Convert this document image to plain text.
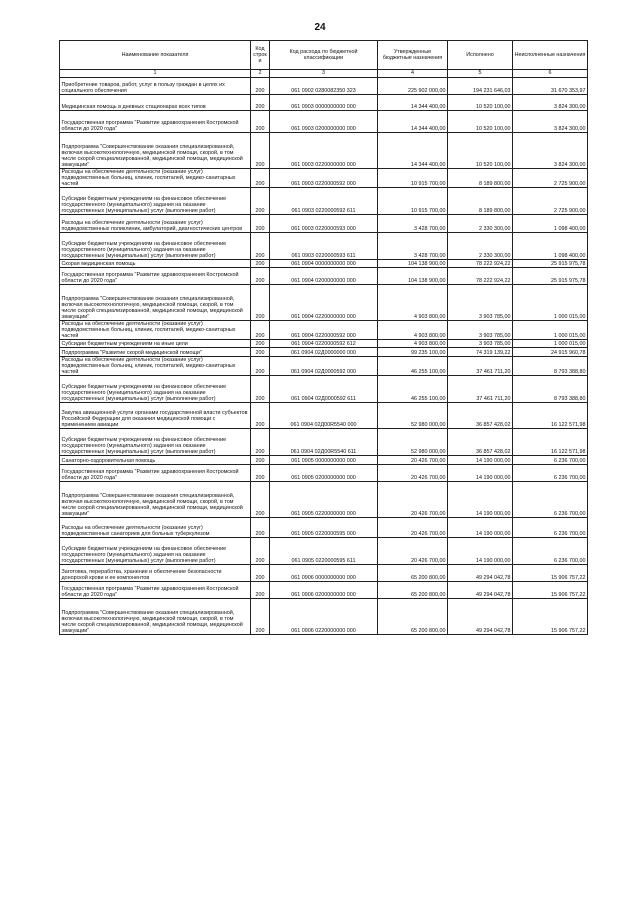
24
Наименование показателя	Код строк и	Код расхода по бюджетной классификации	Утвержденные бюджетные назначения	Исполнено	Неисполненные назначения
1	2	3	4	5	6
Приобретение товаров, работ, услуг в пользу граждан в целях их социального обеспечения	200	061 0902 0280082350 323	225 902 000,00	194 231 646,03	31 670 353,97
Медицинская помощь в дневных стационарах всех типов	200	061 0903 0000000000 000	14 344 400,00	10 520 100,00	3 824 300,00
Государственная программа "Развитие здравоохранения Костромской области до 2020 года"	200	061 0903 0200000000 000	14 344 400,00	10 520 100,00	3 824 300,00
Подпрограмма "Совершенствование оказания специализированной, включая высокотехнологичную, медицинской помощи, скорой, в том числе скорой специализированной, медицинской помощи, медицинской эвакуации"	200	061 0903 0220000000 000	14 344 400,00	10 520 100,00	3 824 300,00
Расходы на обеспечение деятельности (оказание услуг) подведомственных больниц, клиник, госпиталей, медико-санитарных частей	200	061 0903 0220000592 000	10 915 700,00	8 189 800,00	2 725 900,00
Субсидии бюджетным учреждениям на финансовое обеспечение государственного (муниципального) задания на оказание государственных (муниципальных) услуг (выполнение работ)	200	061 0903 0220000592 611	10 915 700,00	8 189 800,00	2 725 900,00
Расходы на обеспечение деятельности (оказание услуг) подведомственных поликлиник, амбулаторий, диагностических центров	200	061 0903 0220000593 000	3 428 700,00	2 330 300,00	1 098 400,00
Субсидии бюджетным учреждениям на финансовое обеспечение государственного (муниципального) задания на оказание государственных (муниципальных) услуг (выполнение работ)	200	061 0903 0220000593 611	3 428 700,00	2 330 300,00	1 098 400,00
Скорая медицинская помощь	200	061 0904 0000000000 000	104 138 900,00	78 222 924,22	25 915 975,78
Государственная программа "Развитие здравоохранения Костромской области до 2020 года"	200	061 0904 0200000000 000	104 138 900,00	78 222 924,22	25 915 975,78
Подпрограмма "Совершенствование оказания специализированной, включая высокотехнологичную, медицинской помощи, скорой, в том числе скорой специализированной, медицинской помощи, медицинской эвакуации"	200	061 0904 0220000000 000	4 903 800,00	3 903 785,00	1 000 015,00
Расходы на обеспечение деятельности (оказание услуг) подведомственных больниц, клиник, госпиталей, медико-санитарных частей	200	061 0904 0220000592 000	4 903 800,00	3 903 785,00	1 000 015,00
Субсидии бюджетным учреждениям на иные цели	200	061 0904 0220000592 612	4 903 800,00	3 903 785,00	1 000 015,00
Подпрограмма "Развитие скорой медицинской помощи"	200	061 0904 02Д0000000 000	99 235 100,00	74 319 139,22	24 915 960,78
Расходы на обеспечение деятельности (оказание услуг) подведомственных больниц, клиник, госпиталей, медико-санитарных частей	200	061 0904 02Д0000592 000	46 255 100,00	37 461 711,20	8 793 388,80
Субсидии бюджетным учреждениям на финансовое обеспечение государственного (муниципального) задания на оказание государственных (муниципальных) услуг (выполнение работ)	200	061 0904 02Д0000592 611	46 255 100,00	37 461 711,20	8 793 388,80
Закупка авиационной услуги органами государственной власти субъектов Российской Федерации для оказания медицинской помощи с применением авиации	200	061 0904 02Д00R5540 000	52 980 000,00	36 857 428,02	16 122 571,98
Субсидии бюджетным учреждениям на финансовое обеспечение государственного (муниципального) задания на оказание государственных (муниципальных) услуг (выполнение работ)	200	061 0904 02Д00R5540 611	52 980 000,00	36 857 428,02	16 122 571,98
Санаторно-оздоровительная помощь	200	061 0905 0000000000 000	20 426 700,00	14 190 000,00	6 236 700,00
Государственная программа "Развитие здравоохранения Костромской области до 2020 года"	200	061 0905 0200000000 000	20 426 700,00	14 190 000,00	6 236 700,00
Подпрограмма "Совершенствование оказания специализированной, включая высокотехнологичную, медицинской помощи, скорой, в том числе скорой специализированной, медицинской помощи, медицинской эвакуации"	200	061 0905 0220000000 000	20 426 700,00	14 190 000,00	6 236 700,00
Расходы на обеспечение деятельности (оказание услуг) подведомственных санаториев для больных туберкулезом	200	061 0905 0220000595 000	20 426 700,00	14 190 000,00	6 236 700,00
Субсидии бюджетным учреждениям на финансовое обеспечение государственного (муниципального) задания на оказание государственных (муниципальных) услуг (выполнение работ)	200	061 0905 0220000595 611	20 426 700,00	14 190 000,00	6 236 700,00
Заготовка, переработка, хранение и обеспечение безопасности донорской крови и ее компонентов	200	061 0906 0000000000 000	65 200 800,00	49 294 042,78	15 906 757,22
Государственная программа "Развитие здравоохранения Костромской области до 2020 года"	200	061 0906 0200000000 000	65 200 800,00	49 294 042,78	15 906 757,22
Подпрограмма "Совершенствование оказания специализированной, включая высокотехнологичную, медицинской помощи, скорой, в том числе скорой специализированной, медицинской помощи, медицинской эвакуации"	200	061 0906 0220000000 000	65 200 800,00	49 294 042,78	15 906 757,22
